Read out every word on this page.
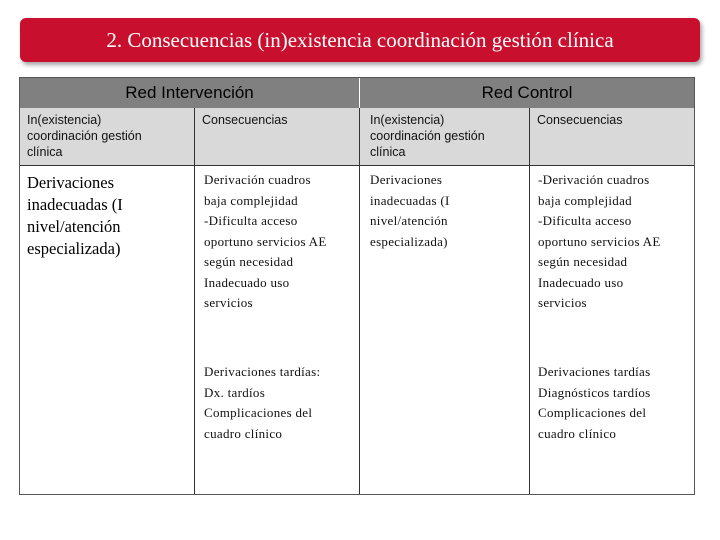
2. Consecuencias (in)existencia coordinación gestión clínica
Red Intervención	Red Control
In(existencia)
coordinación gestión
clínica
Consecuencias	In(existencia)
coordinación gestión
clínica
Consecuencias
Derivaciones
inadecuadas (I
nivel/atención
especializada)
Derivación cuadros
baja complejidad
-Dificulta acceso
oportuno servicios AE
según necesidad
Inadecuado uso
servicios
Derivaciones tardías:
Dx. tardíos
Complicaciones del
cuadro clínico
Derivaciones
inadecuadas (I
nivel/atención
especializada)
-Derivación cuadros
baja complejidad
-Dificulta acceso
oportuno servicios AE
según necesidad
Inadecuado uso
servicios
Derivaciones tardías
Diagnósticos tardíos
Complicaciones del
cuadro clínico
